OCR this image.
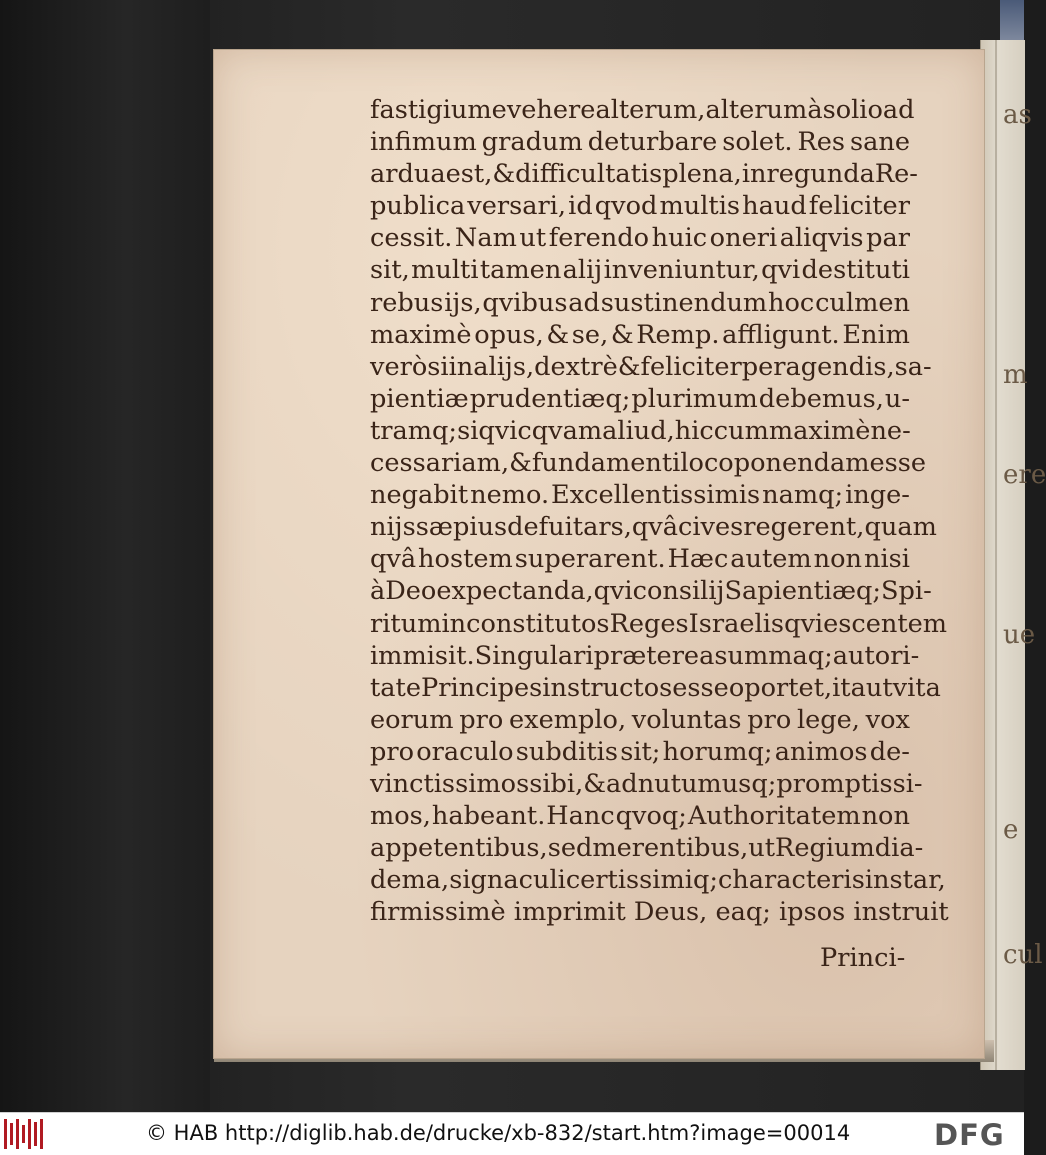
as
m
ere
ue
e
cul
fastigium evehere alterum, alterum à solio ad
infimum gradum deturbare solet. Res sane
ardua est, & difficultatis plena, in regunda Re-
publica versari, id qvod multis haud feliciter
cessit. Nam ut ferendo huic oneri aliqvis par
sit, multi tamen alij inveniuntur, qvi destituti
rebus ijs, qvibus ad sustinendum hoc culmen
maximè opus, & se, & Remp. affligunt. Enim
verò si in alijs, dextrè & feliciter peragendis, sa-
pientiæ prudentiæq; plurimum debemus, u-
tramq; si qvicqvam aliud, hic cum maximè ne-
cessariam, & fundamenti loco ponendam esse
negabit nemo. Excellentissimis namq; inge-
nijs sæpius defuit ars, qvâ cives regerent, quam
qvâ hostem superarent. Hæc autem non nisi
à Deo expectanda, qvi consilij Sapientiæq; Spi-
ritum in constitutos Reges Israelis qviescentem
immisit. Singulari præterea summaq; autori-
tate Principes instructos esse oportet, ita ut vita
eorum pro exemplo, voluntas pro lege, vox
pro oraculo subditis sit; horumq; animos de-
vinctissimos sibi, & ad nutum usq; promptissi-
mos, habeant. Hanc qvoq; Authoritatem non
appetentibus, sed merentibus, ut Regium dia-
dema, signaculi certissimiq; characteris instar,
firmissimè imprimit Deus, eaq; ipsos instruit
Princi-
© HAB http://diglib.hab.de/drucke/xb-832/start.htm?image=00014	DFG
